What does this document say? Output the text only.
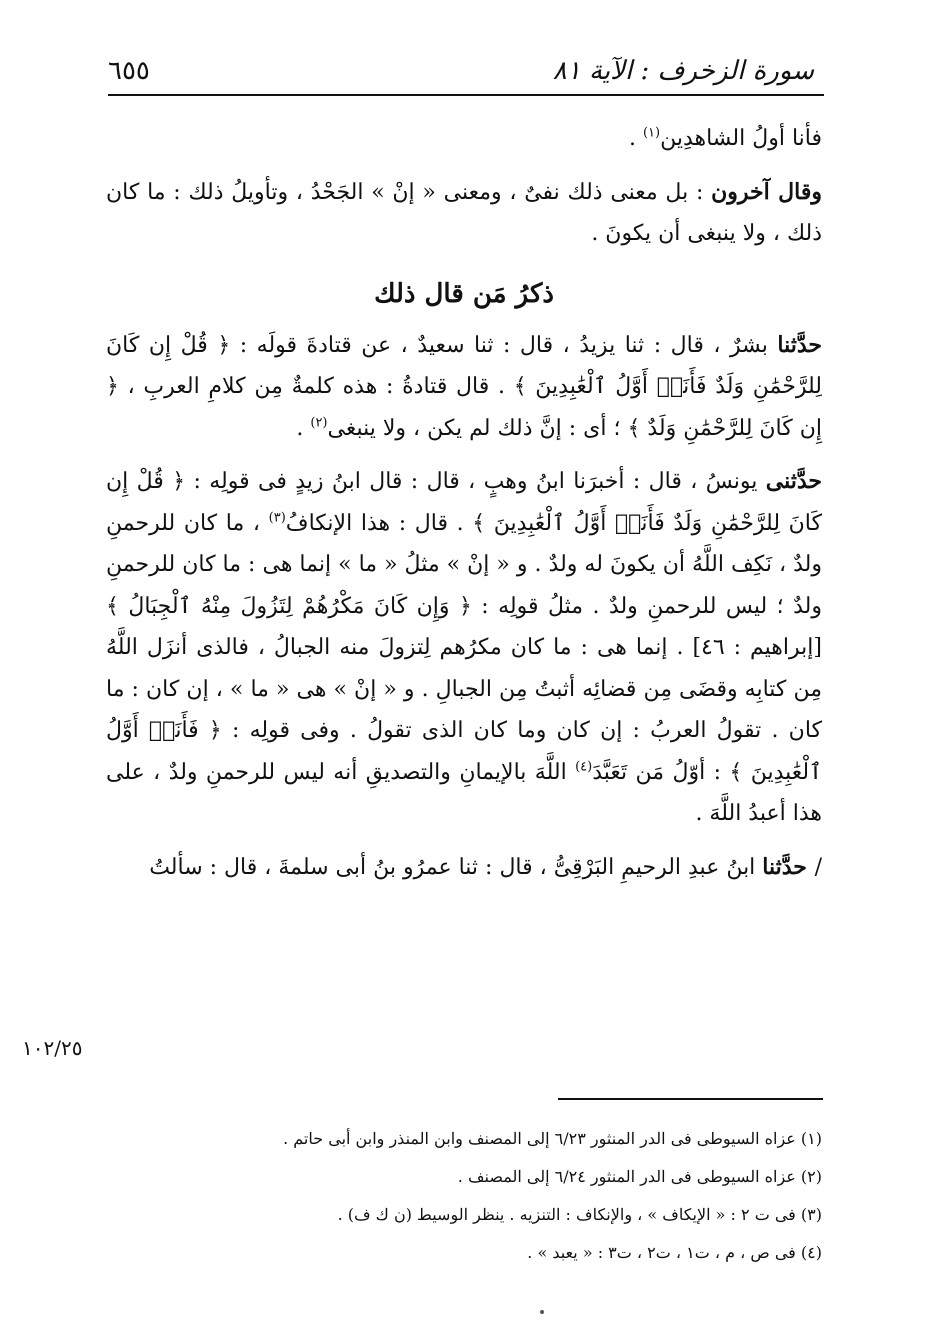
٦٥٥	سورة الزخرف : الآية ٨١

فأنا أولُ الشاهدِين$^{(١)}$ .

وقال آخرون : بل معنى ذلك نفىٌ ، ومعنى « إنْ » الجَحْدُ ، وتأويلُ ذلك : ما كان ذلك ، ولا ينبغى أن يكونَ .

ذكرُ مَن قال ذلك

حدَّثنا بشرٌ ، قال : ثنا يزيدُ ، قال : ثنا سعيدٌ ، عن قتادةَ قولَه : ﴿ قُلْ إِن كَانَ لِلرَّحْمَٰنِ وَلَدٌ فَأَنَا۠ أَوَّلُ ٱلْعَٰبِدِينَ ﴾ . قال قتادةُ : هذه كلمةٌ مِن كلامِ العربِ ، ﴿ إِن كَانَ لِلرَّحْمَٰنِ وَلَدٌ ﴾ ؛ أى : إنَّ ذلك لم يكن ، ولا ينبغى$^{(٢)}$ .

حدَّثنى يونسُ ، قال : أخبرَنا ابنُ وهبٍ ، قال : قال ابنُ زيدٍ فى قولِه : ﴿ قُلْ إِن كَانَ لِلرَّحْمَٰنِ وَلَدٌ فَأَنَا۠ أَوَّلُ ٱلْعَٰبِدِينَ ﴾ . قال : هذا الإنكافُ$^{(٣)}$ ، ما كان للرحمنِ ولدٌ ، نَكِف اللَّهُ أن يكونَ له ولدٌ . و « إنْ » مثلُ « ما » إنما هى : ما كان للرحمنِ ولدٌ ؛ ليس للرحمنِ ولدٌ . مثلُ قولِه : ﴿ وَإِن كَانَ مَكْرُهُمْ لِتَزُولَ مِنْهُ ٱلْجِبَالُ ﴾ [إبراهيم : ٤٦] . إنما هى : ما كان مكرُهم لِتزولَ منه الجبالُ ، فالذى أنزَل اللَّهُ مِن كتابِه وقضَى مِن قضائِه أثبتُ مِن الجبالِ . و « إنْ » هى « ما » ، إن كان : ما كان . تقولُ العربُ : إن كان وما كان الذى تقولُ . وفى قولِه : ﴿ فَأَنَا۠ أَوَّلُ ٱلْعَٰبِدِينَ ﴾ : أوّلُ مَن تَعَبَّدَ$^{(٤)}$ اللَّهَ بالإيمانِ والتصديقِ أنه ليس للرحمنِ ولدٌ ، على هذا أعبدُ اللَّهَ .

/ حدَّثنا ابنُ عبدِ الرحيمِ البَرْقِىُّ ، قال : ثنا عمرُو بنُ أبى سلمةَ ، قال : سألتُ

١٠٢/٢٥

(١) عزاه السيوطى فى الدر المنثور ٦/٢٣ إلى المصنف وابن المنذر وابن أبى حاتم .

(٢) عزاه السيوطى فى الدر المنثور ٦/٢٤ إلى المصنف .

(٣) فى ت ٢ : « الإيكاف » ، والإنكاف : التنزيه . ينظر الوسيط (ن ك ف) .

(٤) فى ص ، م ، ت١ ، ت٢ ، ت٣ : « يعبد » .
